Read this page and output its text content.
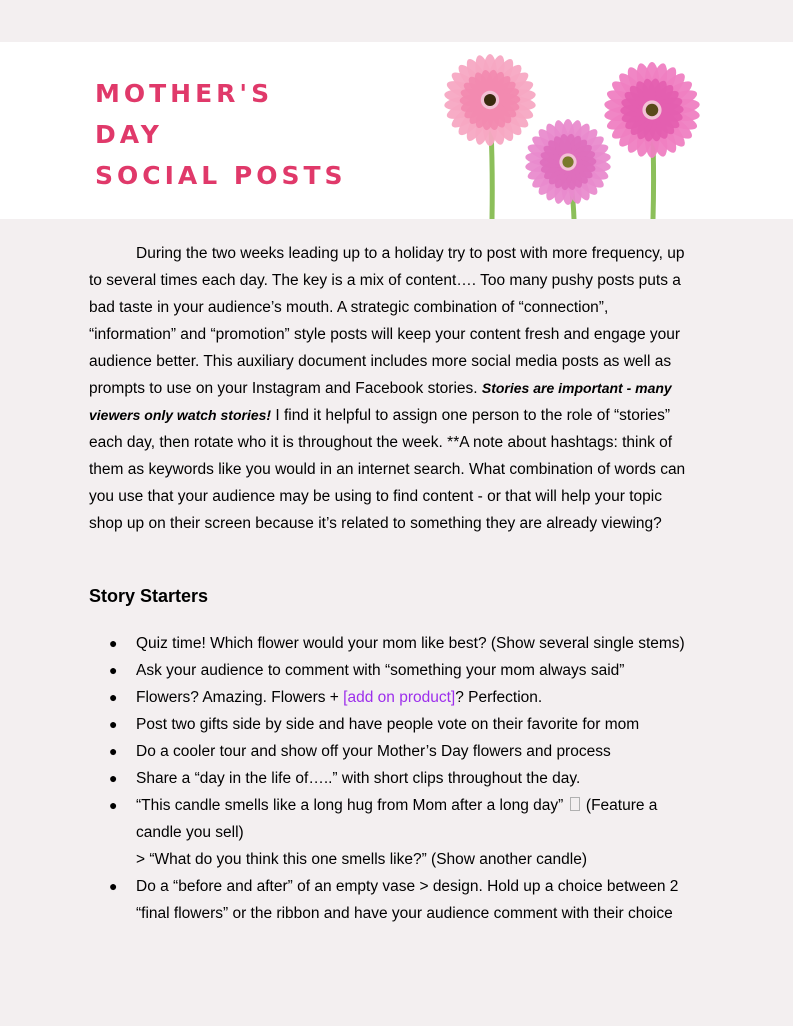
MOTHER'S
DAY
SOCIAL POSTS

During the two weeks leading up to a holiday try to post with more frequency, up to several times each day. The key is a mix of content…. Too many pushy posts puts a bad taste in your audience’s mouth. A strategic combination of “connection”, “information” and “promotion” style posts will keep your content fresh and engage your audience better. This auxiliary document includes more social media posts as well as prompts to use on your Instagram and Facebook stories. Stories are important - many viewers only watch stories! I find it helpful to assign one person to the role of “stories” each day, then rotate who it is throughout the week. **A note about hashtags: think of them as keywords like you would in an internet search. What combination of words can you use that your audience may be using to find content - or that will help your topic shop up on their screen because it’s related to something they are already viewing?

Story Starters
● Quiz time! Which flower would your mom like best? (Show several single stems)
● Ask your audience to comment with “something your mom always said”
● Flowers? Amazing. Flowers + [add on product]? Perfection.
● Post two gifts side by side and have people vote on their favorite for mom
● Do a cooler tour and show off your Mother’s Day flowers and process
● Share a “day in the life of…..” with short clips throughout the day.
● “This candle smells like a long hug from Mom after a long day” (Feature a candle you sell)
> “What do you think this one smells like?” (Show another candle)
● Do a “before and after” of an empty vase > design. Hold up a choice between 2 “final flowers” or the ribbon and have your audience comment with their choice
